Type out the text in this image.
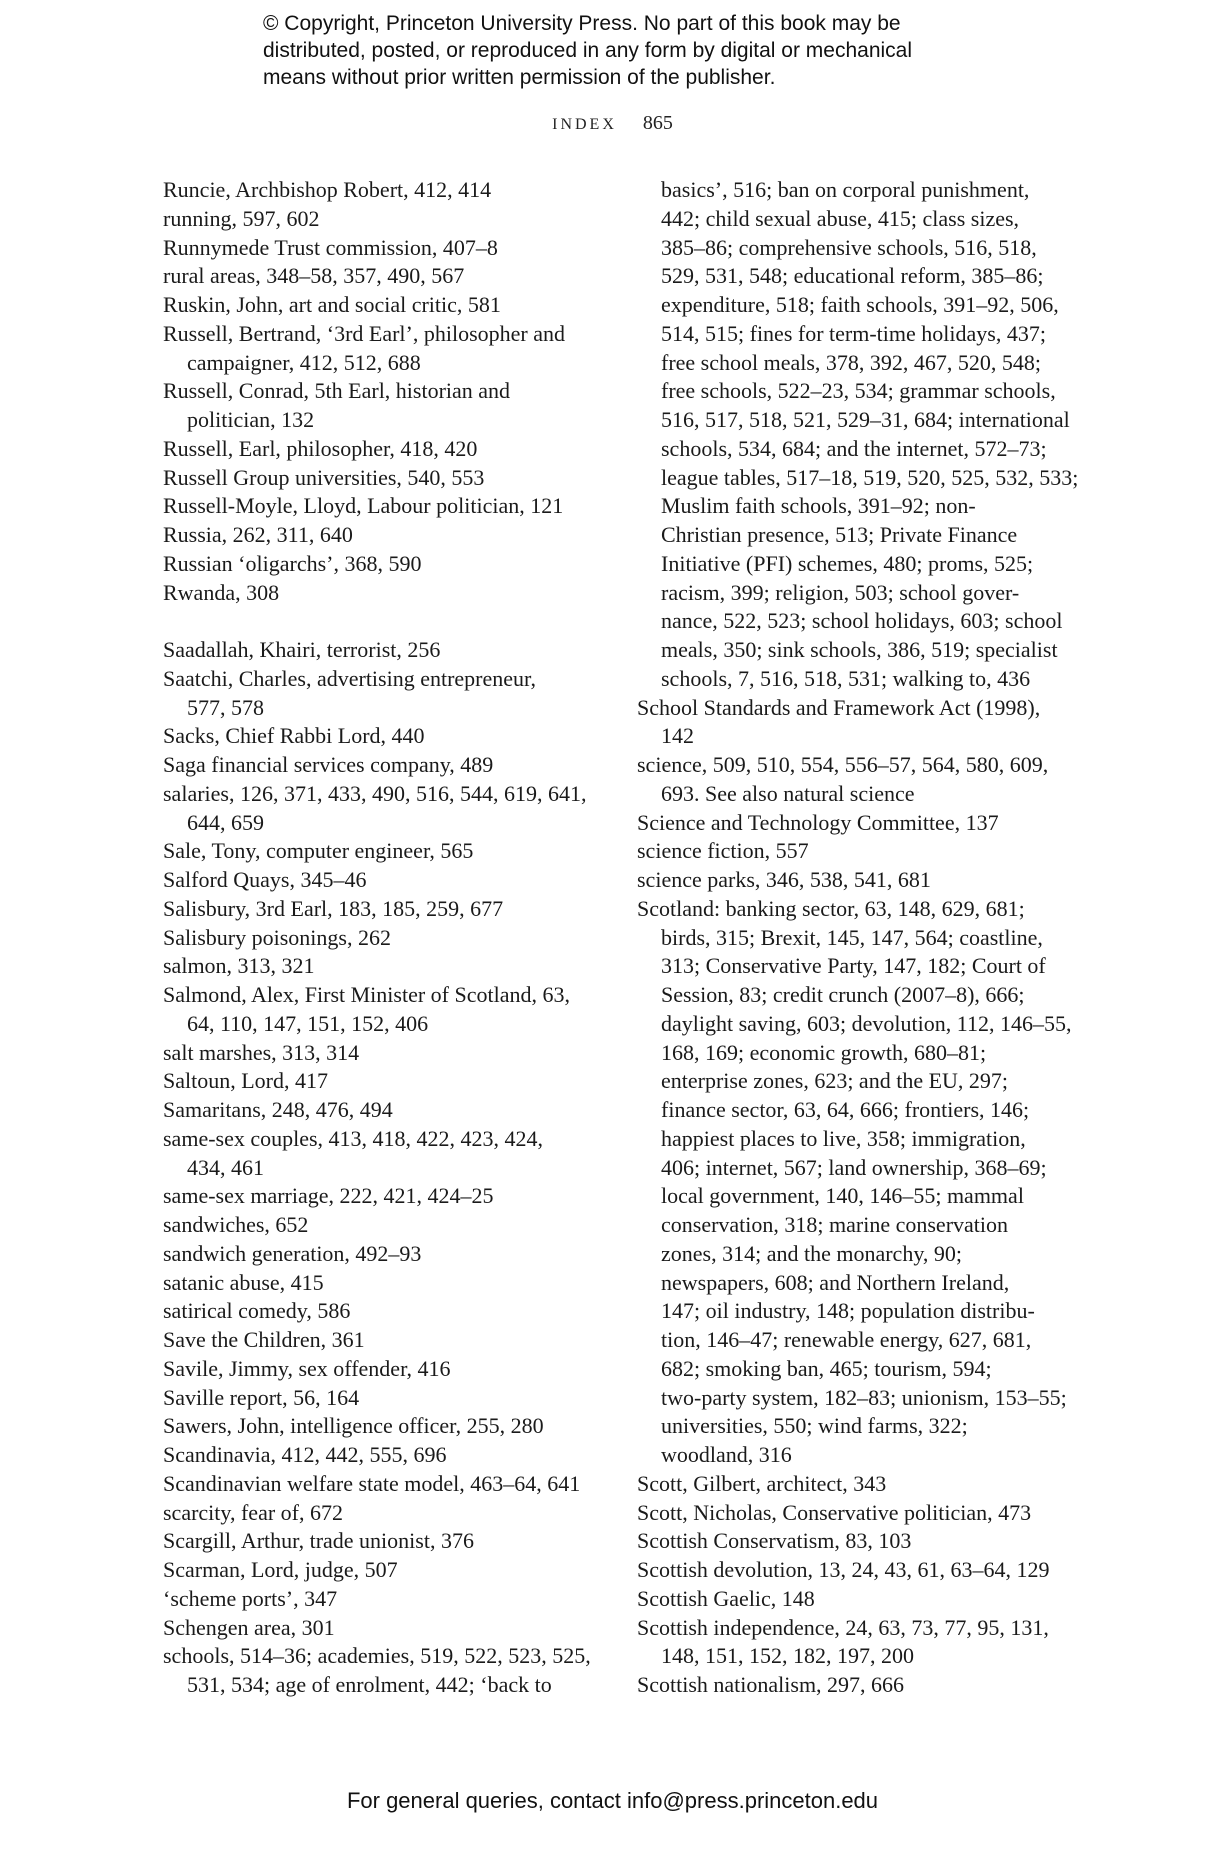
© Copyright, Princeton University Press. No part of this book may be
distributed, posted, or reproduced in any form by digital or mechanical
means without prior written permission of the publisher.
INDEX 865
Runcie, Archbishop Robert, 412, 414
running, 597, 602
Runnymede Trust commission, 407–8
rural areas, 348–58, 357, 490, 567
Ruskin, John, art and social critic, 581
Russell, Bertrand, ‘3rd Earl’, philosopher and
campaigner, 412, 512, 688
Russell, Conrad, 5th Earl, historian and
politician, 132
Russell, Earl, philosopher, 418, 420
Russell Group universities, 540, 553
Russell-Moyle, Lloyd, Labour politician, 121
Russia, 262, 311, 640
Russian ‘oligarchs’, 368, 590
Rwanda, 308
Saadallah, Khairi, terrorist, 256
Saatchi, Charles, advertising entrepreneur,
577, 578
Sacks, Chief Rabbi Lord, 440
Saga financial services company, 489
salaries, 126, 371, 433, 490, 516, 544, 619, 641,
644, 659
Sale, Tony, computer engineer, 565
Salford Quays, 345–46
Salisbury, 3rd Earl, 183, 185, 259, 677
Salisbury poisonings, 262
salmon, 313, 321
Salmond, Alex, First Minister of Scotland, 63,
64, 110, 147, 151, 152, 406
salt marshes, 313, 314
Saltoun, Lord, 417
Samaritans, 248, 476, 494
same-sex couples, 413, 418, 422, 423, 424,
434, 461
same-sex marriage, 222, 421, 424–25
sandwiches, 652
sandwich generation, 492–93
satanic abuse, 415
satirical comedy, 586
Save the Children, 361
Savile, Jimmy, sex offender, 416
Saville report, 56, 164
Sawers, John, intelligence officer, 255, 280
Scandinavia, 412, 442, 555, 696
Scandinavian welfare state model, 463–64, 641
scarcity, fear of, 672
Scargill, Arthur, trade unionist, 376
Scarman, Lord, judge, 507
‘scheme ports’, 347
Schengen area, 301
schools, 514–36; academies, 519, 522, 523, 525,
531, 534; age of enrolment, 442; ‘back to
basics’, 516; ban on corporal punishment,
442; child sexual abuse, 415; class sizes,
385–86; comprehensive schools, 516, 518,
529, 531, 548; educational reform, 385–86;
expenditure, 518; faith schools, 391–92, 506,
514, 515; fines for term-time holidays, 437;
free school meals, 378, 392, 467, 520, 548;
free schools, 522–23, 534; grammar schools,
516, 517, 518, 521, 529–31, 684; international
schools, 534, 684; and the internet, 572–73;
league tables, 517–18, 519, 520, 525, 532, 533;
Muslim faith schools, 391–92; non-
Christian presence, 513; Private Finance
Initiative (PFI) schemes, 480; proms, 525;
racism, 399; religion, 503; school gover-
nance, 522, 523; school holidays, 603; school
meals, 350; sink schools, 386, 519; specialist
schools, 7, 516, 518, 531; walking to, 436
School Standards and Framework Act (1998),
142
science, 509, 510, 554, 556–57, 564, 580, 609,
693. See also natural science
Science and Technology Committee, 137
science fiction, 557
science parks, 346, 538, 541, 681
Scotland: banking sector, 63, 148, 629, 681;
birds, 315; Brexit, 145, 147, 564; coastline,
313; Conservative Party, 147, 182; Court of
Session, 83; credit crunch (2007–8), 666;
daylight saving, 603; devolution, 112, 146–55,
168, 169; economic growth, 680–81;
enterprise zones, 623; and the EU, 297;
finance sector, 63, 64, 666; frontiers, 146;
happiest places to live, 358; immigration,
406; internet, 567; land ownership, 368–69;
local government, 140, 146–55; mammal
conservation, 318; marine conservation
zones, 314; and the monarchy, 90;
newspapers, 608; and Northern Ireland,
147; oil industry, 148; population distribu-
tion, 146–47; renewable energy, 627, 681,
682; smoking ban, 465; tourism, 594;
two-party system, 182–83; unionism, 153–55;
universities, 550; wind farms, 322;
woodland, 316
Scott, Gilbert, architect, 343
Scott, Nicholas, Conservative politician, 473
Scottish Conservatism, 83, 103
Scottish devolution, 13, 24, 43, 61, 63–64, 129
Scottish Gaelic, 148
Scottish independence, 24, 63, 73, 77, 95, 131,
148, 151, 152, 182, 197, 200
Scottish nationalism, 297, 666
For general queries, contact info@press.princeton.edu
